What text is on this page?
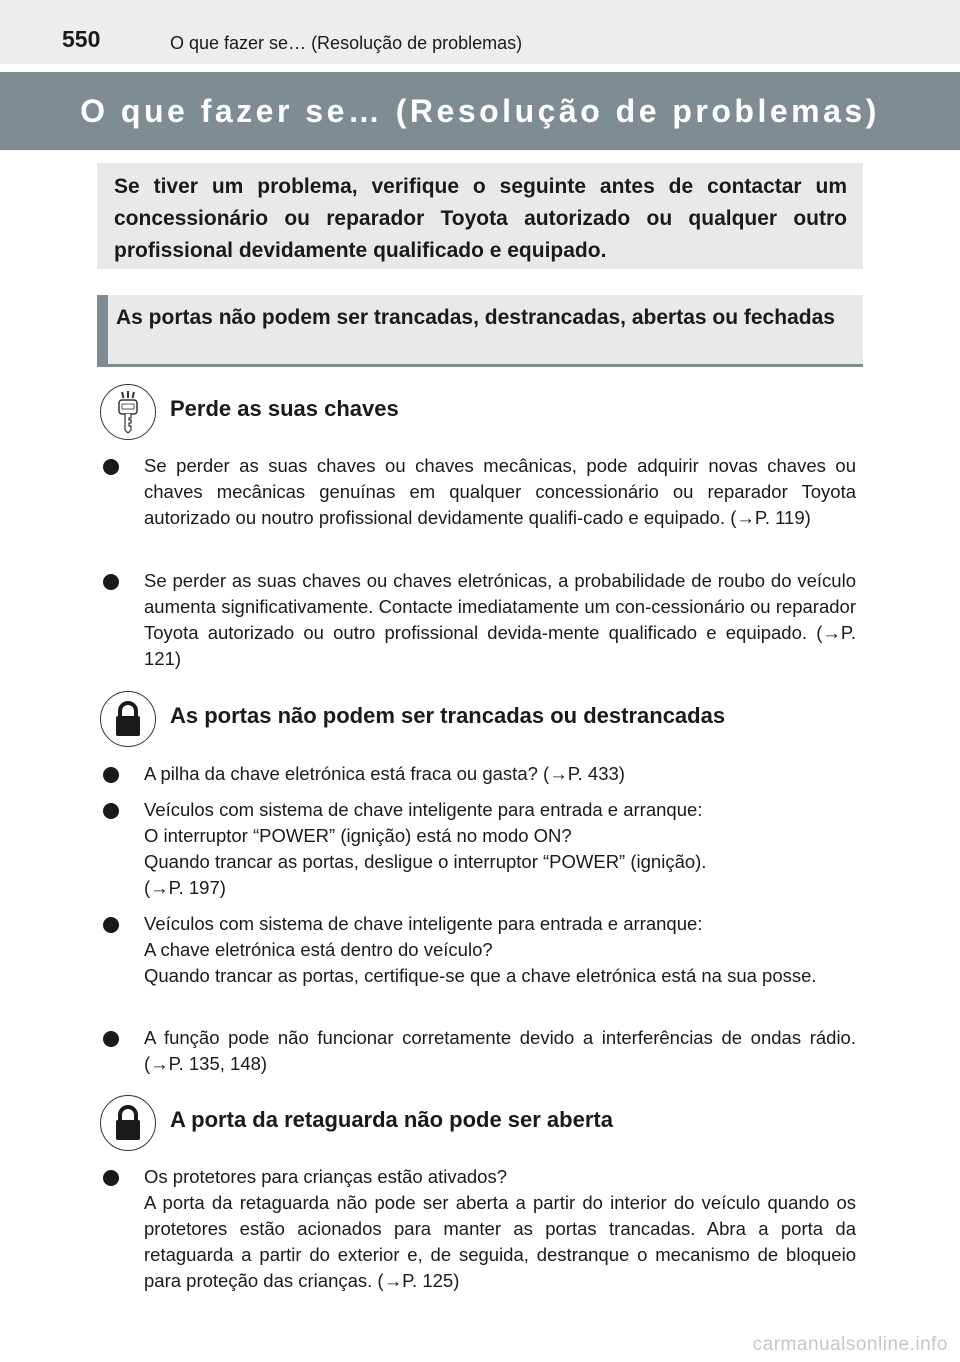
550	O que fazer se… (Resolução de problemas)
O que fazer se… (Resolução de problemas)
Se tiver um problema, verifique o seguinte antes de contactar um concessionário ou reparador Toyota autorizado ou qualquer outro profissional devidamente qualificado e equipado.
As portas não podem ser trancadas, destrancadas, abertas ou fechadas
Perde as suas chaves
Se perder as suas chaves ou chaves mecânicas, pode adquirir novas chaves ou chaves mecânicas genuínas em qualquer concessionário ou reparador Toyota autorizado ou noutro profissional devidamente qualifi-cado e equipado. (→P. 119)
Se perder as suas chaves ou chaves eletrónicas, a probabilidade de roubo do veículo aumenta significativamente. Contacte imediatamente um con-cessionário ou reparador Toyota autorizado ou outro profissional devida-mente qualificado e equipado. (→P. 121)
As portas não podem ser trancadas ou destrancadas
A pilha da chave eletrónica está fraca ou gasta? (→P. 433)
Veículos com sistema de chave inteligente para entrada e arranque:
O interruptor “POWER” (ignição) está no modo ON?
Quando trancar as portas, desligue o interruptor “POWER” (ignição).
(→P. 197)
Veículos com sistema de chave inteligente para entrada e arranque:
A chave eletrónica está dentro do veículo?
Quando trancar as portas, certifique-se que a chave eletrónica está na sua posse.
A função pode não funcionar corretamente devido a interferências de ondas rádio. (→P. 135, 148)
A porta da retaguarda não pode ser aberta
Os protetores para crianças estão ativados?
A porta da retaguarda não pode ser aberta a partir do interior do veículo quando os protetores estão acionados para manter as portas trancadas. Abra a porta da retaguarda a partir do exterior e, de seguida, destranque o mecanismo de bloqueio para proteção das crianças. (→P. 125)
carmanualsonline.info
